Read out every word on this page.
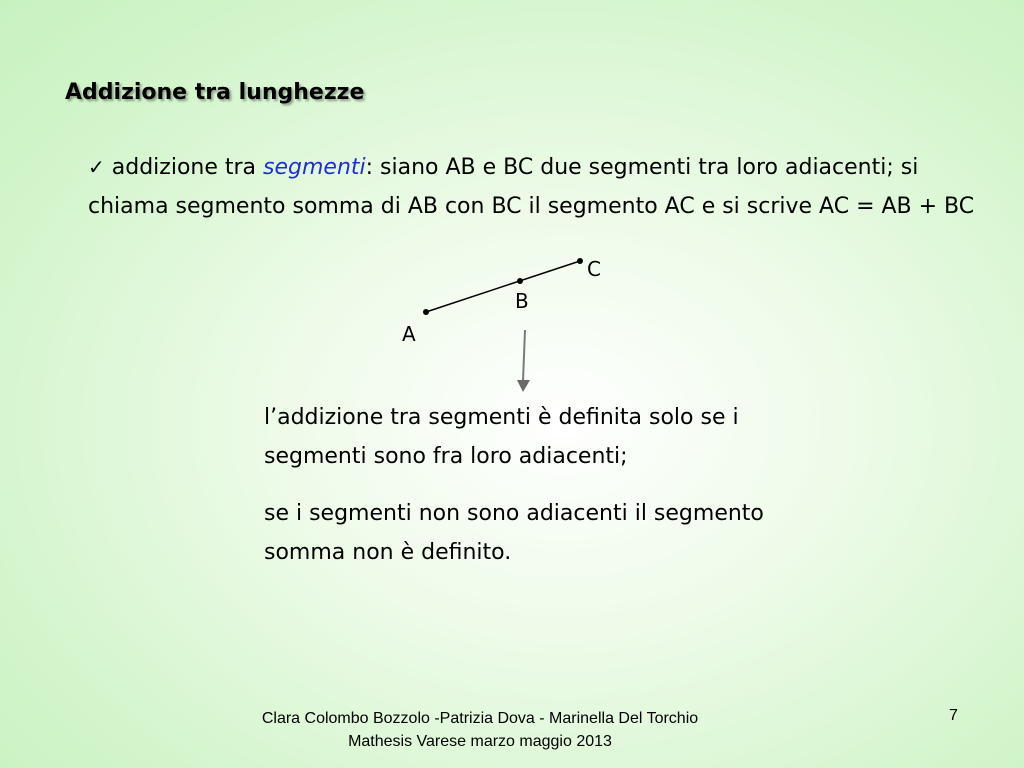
Addizione tra lunghezze
✓ addizione tra segmenti: siano AB e BC due segmenti tra loro adiacenti; si chiama segmento somma di AB con BC il segmento AC e si scrive AC = AB + BC
A
B
C
l’addizione tra segmenti è definita solo se i segmenti sono fra loro adiacenti;
se i segmenti non sono adiacenti il segmento somma non è definito.
Clara Colombo Bozzolo -Patrizia Dova - Marinella Del Torchio
Mathesis Varese marzo maggio 2013
7
